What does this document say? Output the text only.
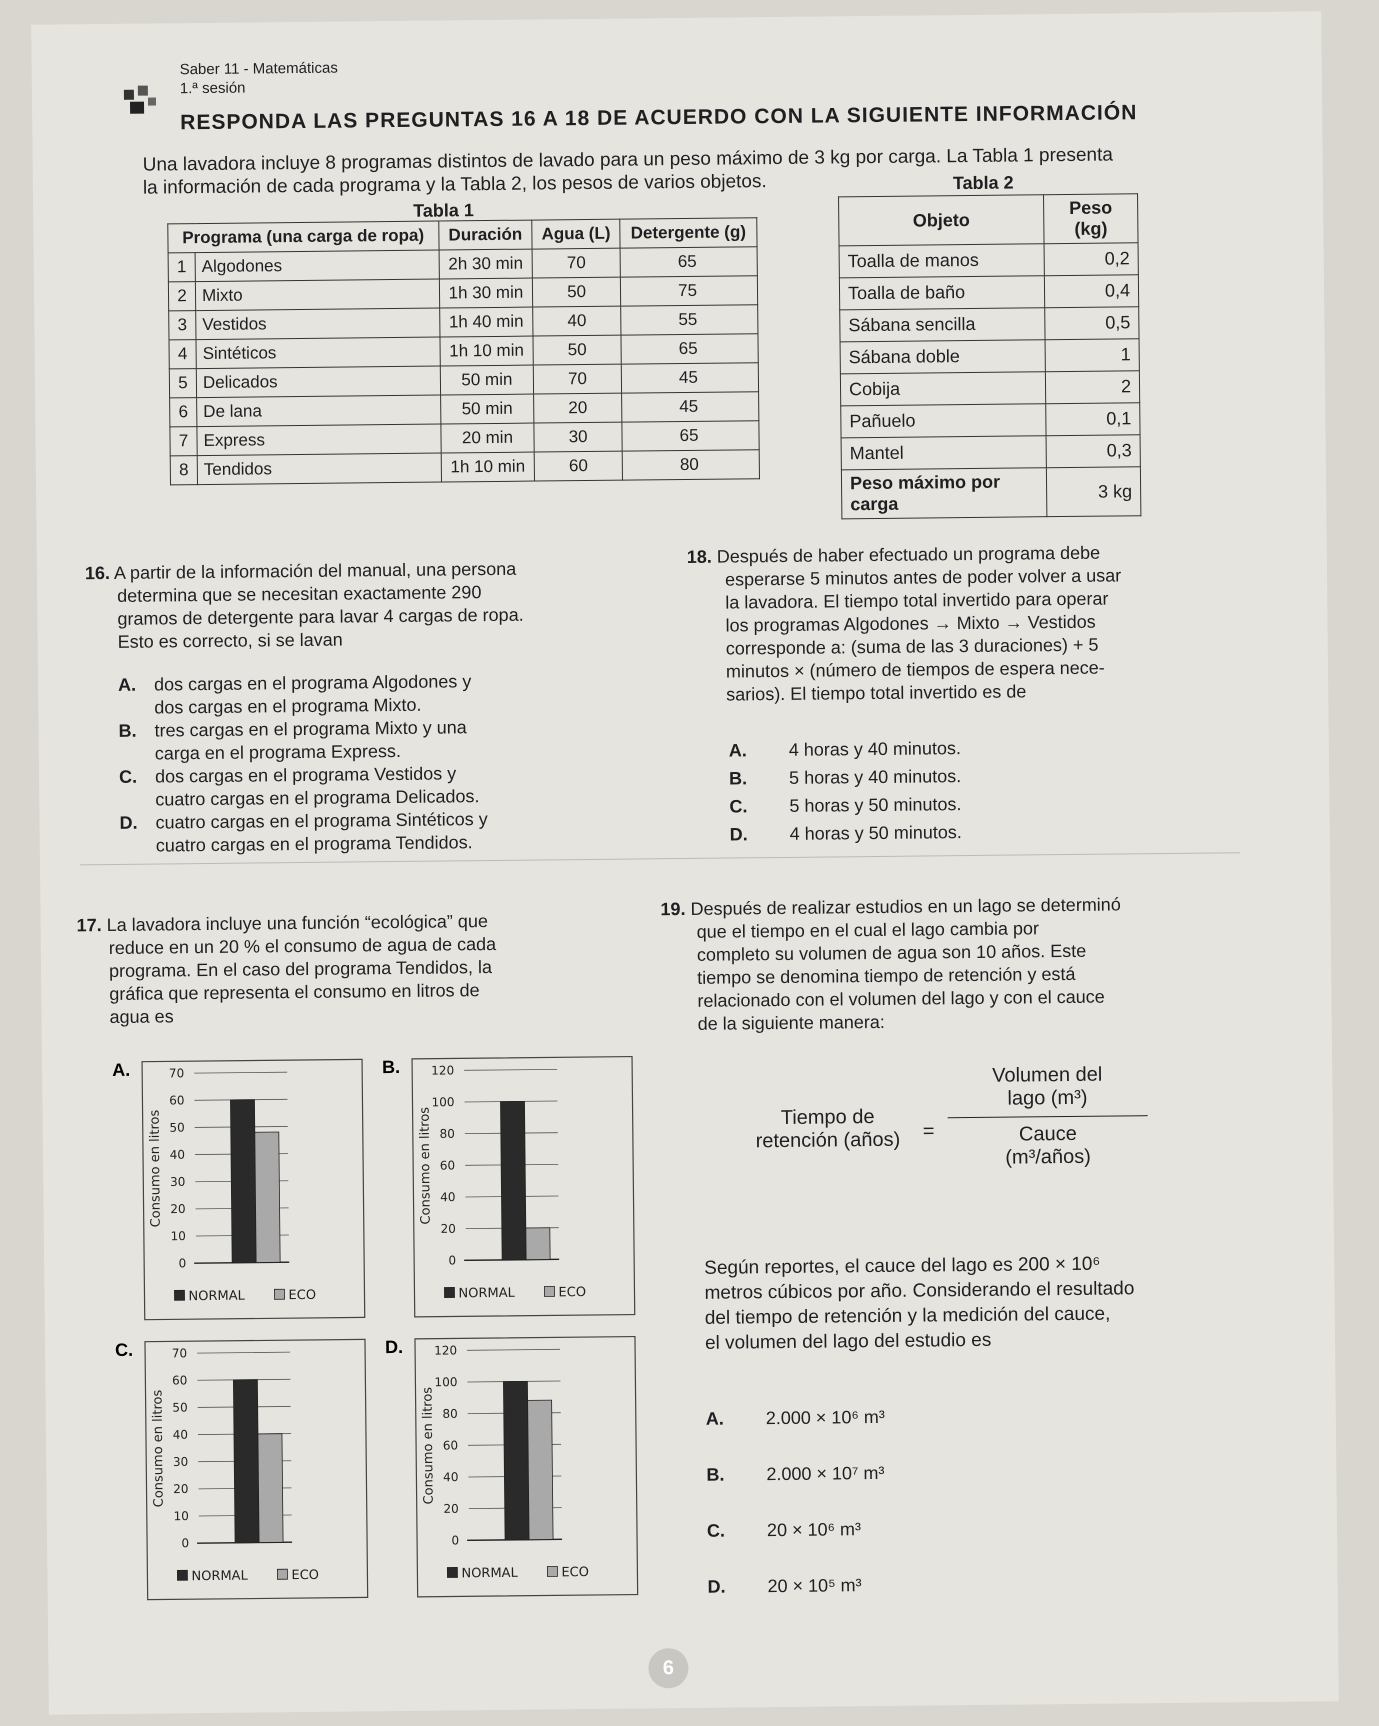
Saber 11 - Matemáticas
1.ª sesión
RESPONDA LAS PREGUNTAS 16 A 18 DE ACUERDO CON LA SIGUIENTE INFORMACIÓN
Una lavadora incluye 8 programas distintos de lavado para un peso máximo de 3 kg por carga. La Tabla 1 presenta
la información de cada programa y la Tabla 2, los pesos de varios objetos.
Tabla 1
Programa (una carga de ropa)		Duración	Agua (L)	Detergente (g)
1	Algodones	2h 30 min	70	65
2	Mixto	1h 30 min	50	75
3	Vestidos	1h 40 min	40	55
4	Sintéticos	1h 10 min	50	65
5	Delicados	50 min	70	45
6	De lana	50 min	20	45
7	Express	20 min	30	65
8	Tendidos	1h 10 min	60	80
Tabla 2
Objeto	Peso (kg)
Toalla de manos	0,2
Toalla de baño	0,4
Sábana sencilla	0,5
Sábana doble	1
Cobija	2
Pañuelo	0,1
Mantel	0,3
Peso máximo por carga	3 kg
16. A partir de la información del manual, una persona
determina que se necesitan exactamente 290
gramos de detergente para lavar 4 cargas de ropa.
Esto es correcto, si se lavan
A. dos cargas en el programa Algodones y
dos cargas en el programa Mixto.
B. tres cargas en el programa Mixto y una
carga en el programa Express.
C. dos cargas en el programa Vestidos y
cuatro cargas en el programa Delicados.
D. cuatro cargas en el programa Sintéticos y
cuatro cargas en el programa Tendidos.
18. Después de haber efectuado un programa debe
esperarse 5 minutos antes de poder volver a usar
la lavadora. El tiempo total invertido para operar
los programas Algodones → Mixto → Vestidos
corresponde a: (suma de las 3 duraciones) + 5
minutos × (número de tiempos de espera nece-
sarios). El tiempo total invertido es de
A. 4 horas y 40 minutos.
B. 5 horas y 40 minutos.
C. 5 horas y 50 minutos.
D. 4 horas y 50 minutos.
17. La lavadora incluye una función “ecológica” que
reduce en un 20 % el consumo de agua de cada
programa. En el caso del programa Tendidos, la
gráfica que representa el consumo en litros de
agua es
A.
0
10
20
30
40
50
60
70
Consumo en litros
NORMAL	ECO
B.
0
20
40
60
80
100
120
Consumo en litros
NORMAL	ECO
C.
0
10
20
30
40
50
60
70
Consumo en litros
NORMAL	ECO
D.
0
20
40
60
80
100
120
Consumo en litros
NORMAL	ECO
19. Después de realizar estudios en un lago se determinó
que el tiempo en el cual el lago cambia por
completo su volumen de agua son 10 años. Este
tiempo se denomina tiempo de retención y está
relacionado con el volumen del lago y con el cauce
de la siguiente manera:
Tiempo de
retención (años)	=
Volumen del
lago (m³)
Cauce
(m³/años)
Según reportes, el cauce del lago es 200 × 10⁶
metros cúbicos por año. Considerando el resultado
del tiempo de retención y la medición del cauce,
el volumen del lago del estudio es
A. 2.000 × 10⁶ m³
B. 2.000 × 10⁷ m³
C. 20 × 10⁶ m³
D. 20 × 10⁵ m³
6
